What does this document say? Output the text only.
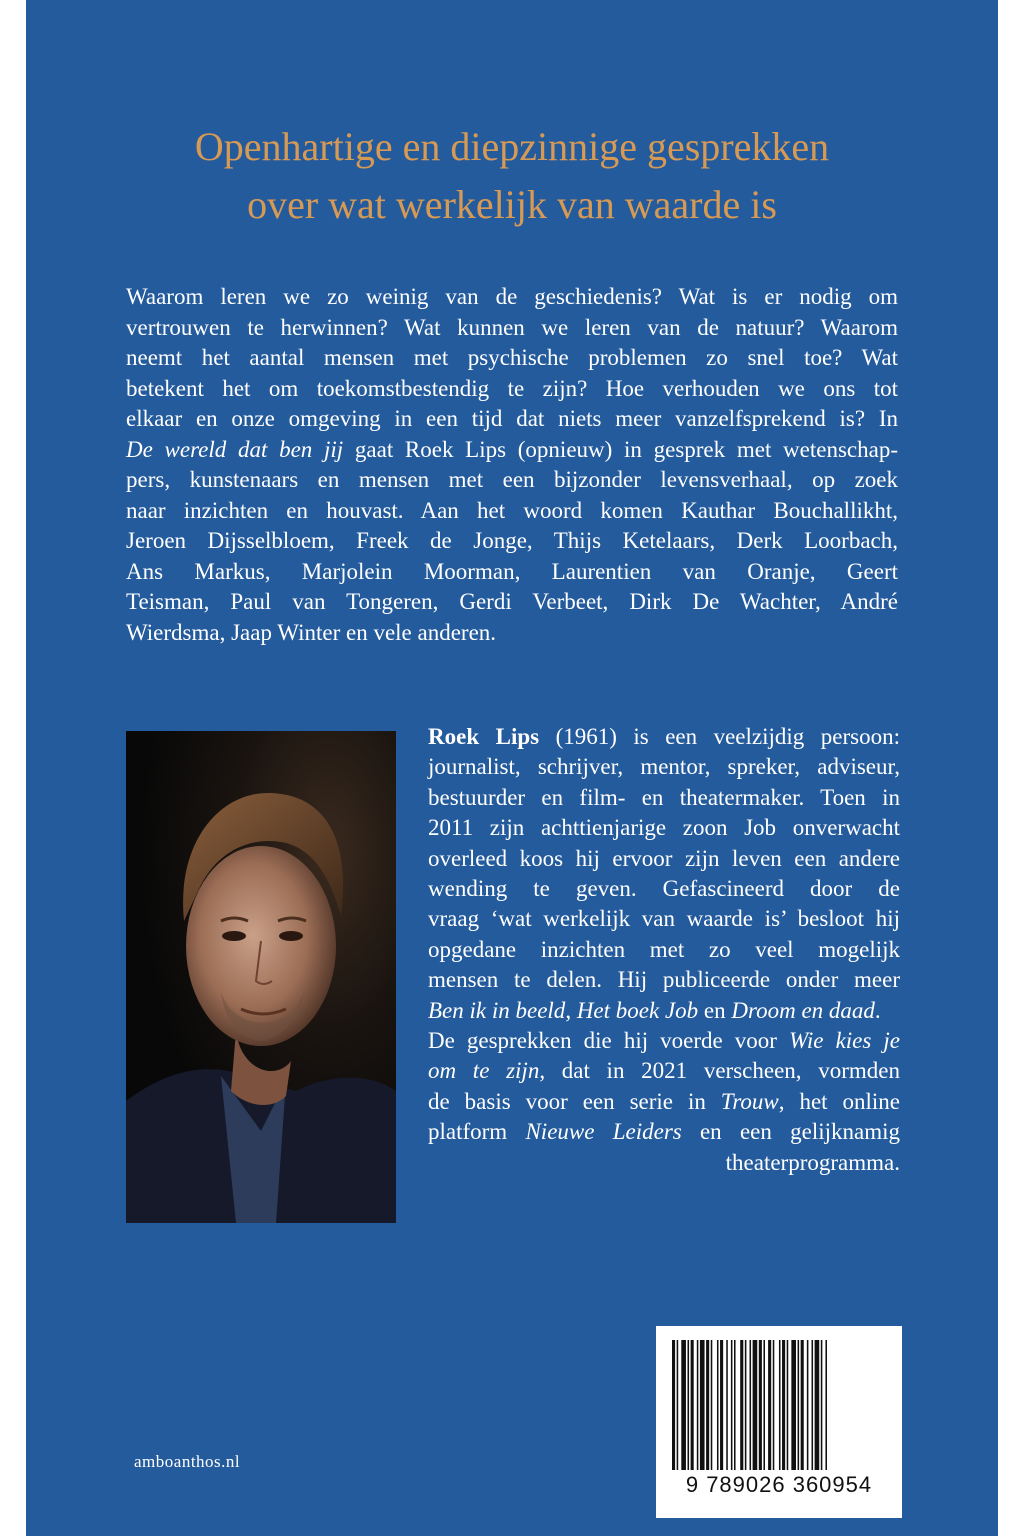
Openhartige en diepzinnige gesprekken
over wat werkelijk van waarde is

Waarom leren we zo weinig van de geschiedenis? Wat is er nodig om
vertrouwen te herwinnen? Wat kunnen we leren van de natuur? Waarom
neemt het aantal mensen met psychische problemen zo snel toe? Wat
betekent het om toekomstbestendig te zijn? Hoe verhouden we ons tot
elkaar en onze omgeving in een tijd dat niets meer vanzelfsprekend is? In
De wereld dat ben jij gaat Roek Lips (opnieuw) in gesprek met wetenschap-
pers, kunstenaars en mensen met een bijzonder levensverhaal, op zoek
naar inzichten en houvast. Aan het woord komen Kauthar Bouchallikht,
Jeroen Dijsselbloem, Freek de Jonge, Thijs Ketelaars, Derk Loorbach,
Ans Markus, Marjolein Moorman, Laurentien van Oranje, Geert
Teisman, Paul van Tongeren, Gerdi Verbeet, Dirk De Wachter, André
Wierdsma, Jaap Winter en vele anderen.

Roek Lips (1961) is een veelzijdig persoon:
journalist, schrijver, mentor, spreker, adviseur,
bestuurder en film- en theatermaker. Toen in
2011 zijn achttienjarige zoon Job onverwacht
overleed koos hij ervoor zijn leven een andere
wending te geven. Gefascineerd door de
vraag ‘wat werkelijk van waarde is’ besloot hij
opgedane inzichten met zo veel mogelijk
mensen te delen. Hij publiceerde onder meer
Ben ik in beeld, Het boek Job en Droom en daad.
De gesprekken die hij voerde voor Wie kies je
om te zijn, dat in 2021 verscheen, vormden
de basis voor een serie in Trouw, het online
platform Nieuwe Leiders en een gelijknamig
theaterprogramma.

amboanthos.nl
9 789026 360954
